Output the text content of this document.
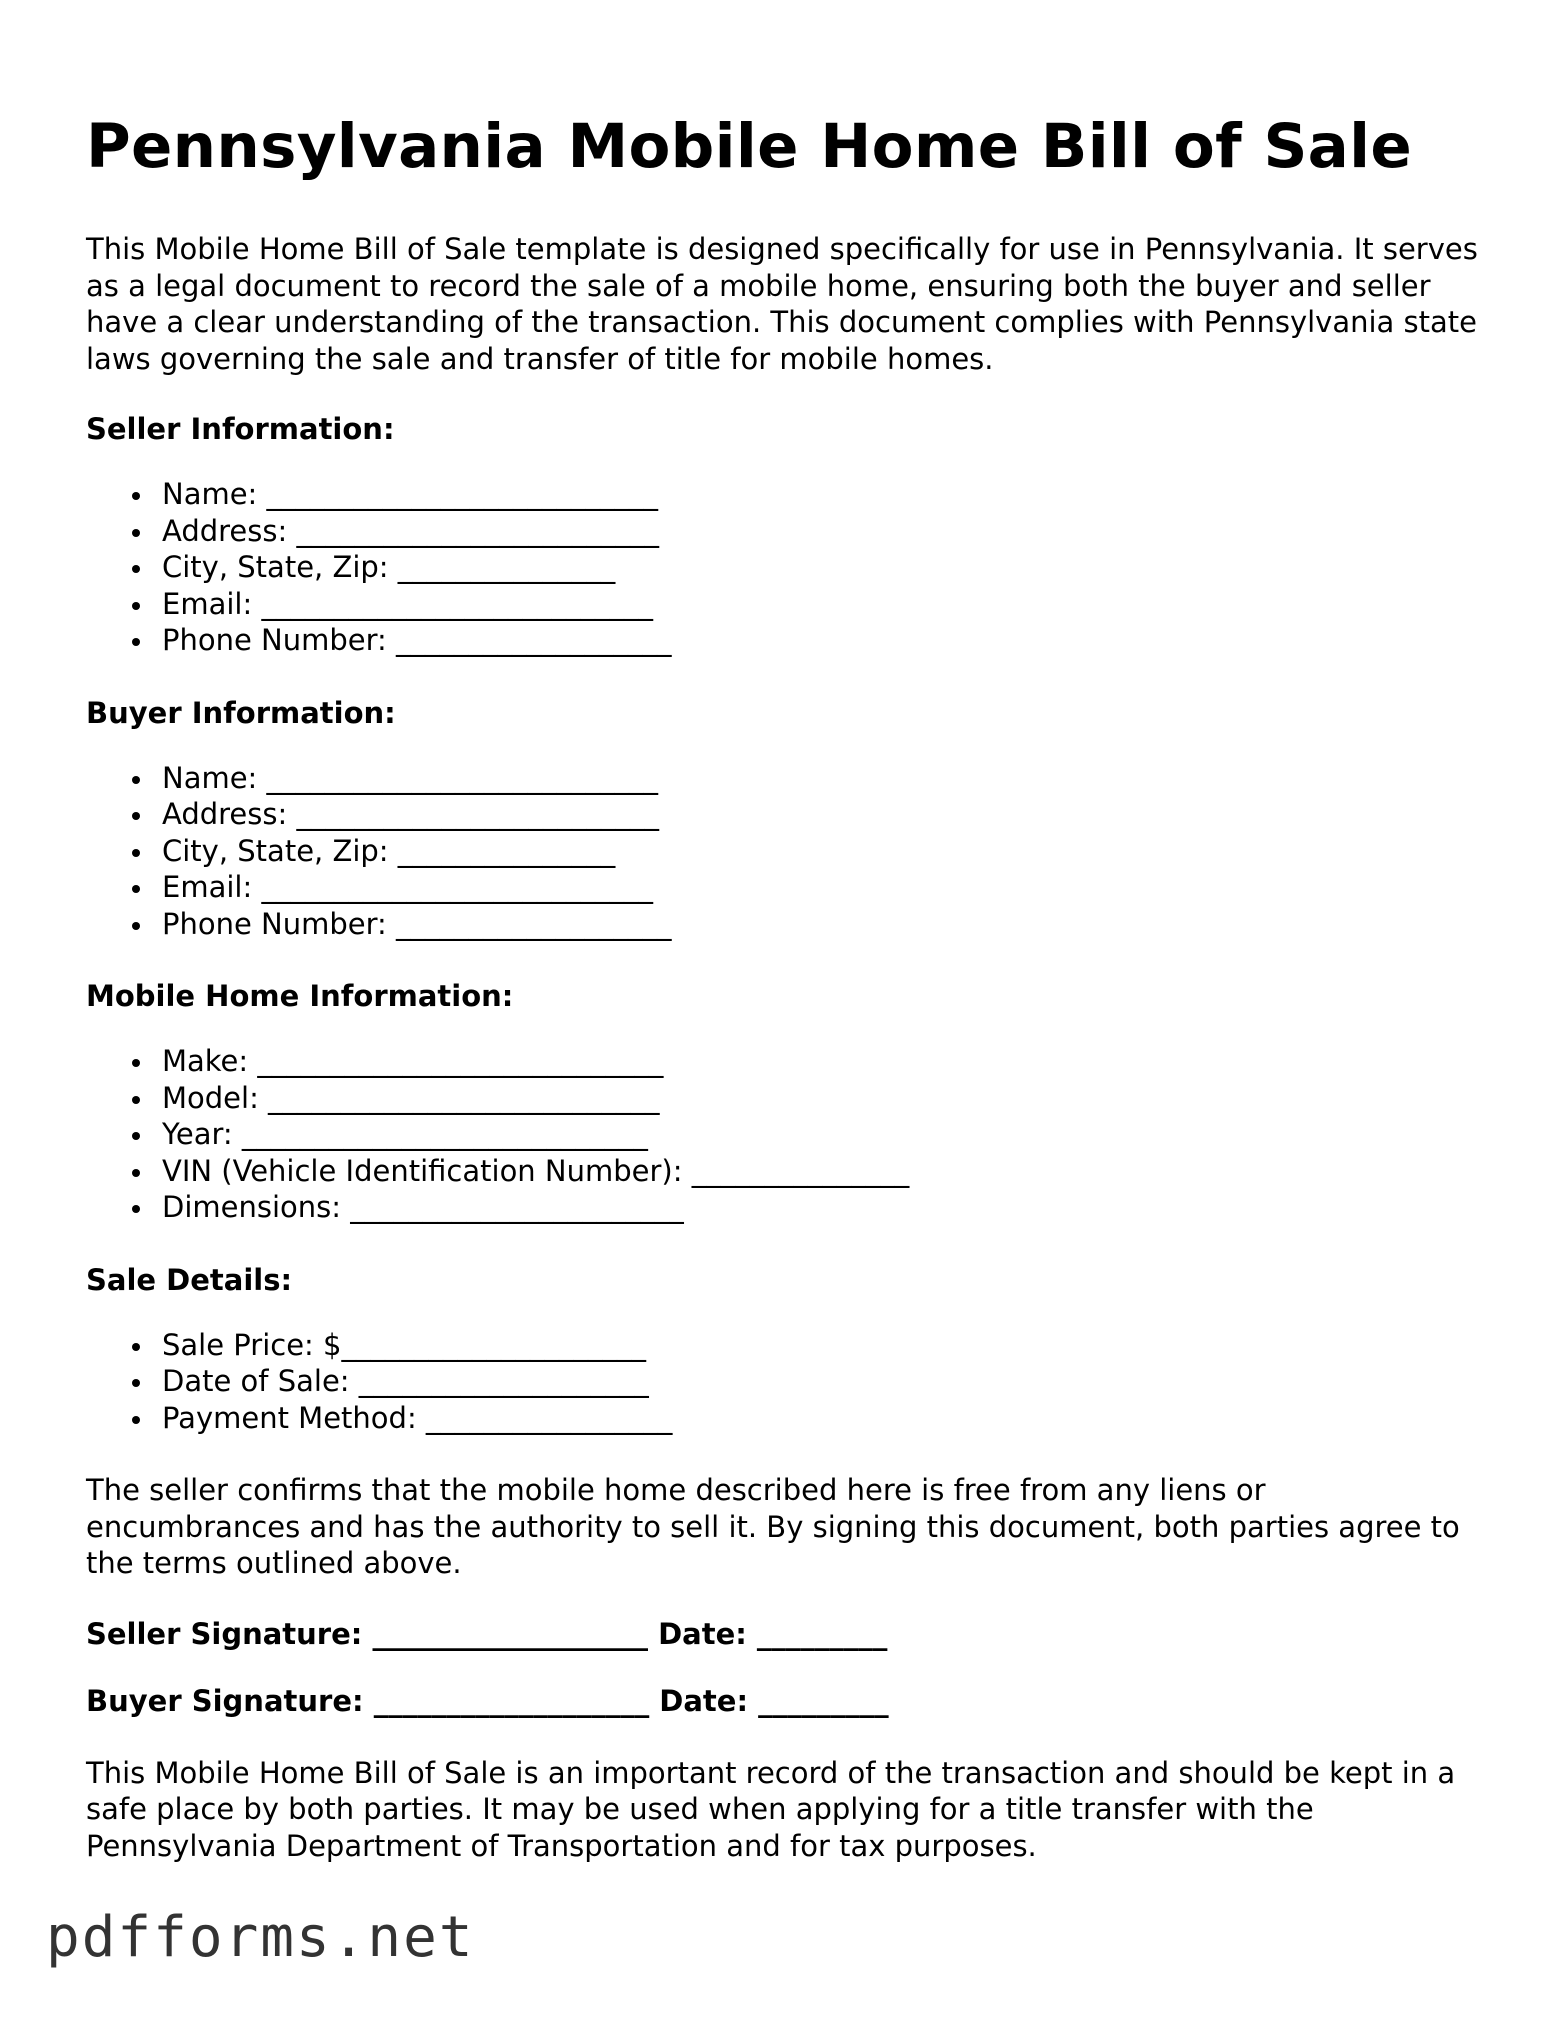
Pennsylvania Mobile Home Bill of Sale

This Mobile Home Bill of Sale template is designed specifically for use in Pennsylvania. It serves as a legal document to record the sale of a mobile home, ensuring both the buyer and seller have a clear understanding of the transaction. This document complies with Pennsylvania state laws governing the sale and transfer of title for mobile homes.

Seller Information:
Name: ___________________________
Address: _________________________
City, State, Zip: _______________
Email: ___________________________
Phone Number: ___________________
Buyer Information:
Name: ___________________________
Address: _________________________
City, State, Zip: _______________
Email: ___________________________
Phone Number: ___________________
Mobile Home Information:
Make: ____________________________
Model: ___________________________
Year: ____________________________
VIN (Vehicle Identification Number): _______________
Dimensions: _______________________
Sale Details:
Sale Price: $_____________________
Date of Sale: ____________________
Payment Method: _________________

The seller confirms that the mobile home described here is free from any liens or encumbrances and has the authority to sell it. By signing this document, both parties agree to the terms outlined above.

Seller Signature: ___________________ Date: _________
Buyer Signature: ___________________ Date: _________

This Mobile Home Bill of Sale is an important record of the transaction and should be kept in a safe place by both parties. It may be used when applying for a title transfer with the Pennsylvania Department of Transportation and for tax purposes.

pdfforms.net
